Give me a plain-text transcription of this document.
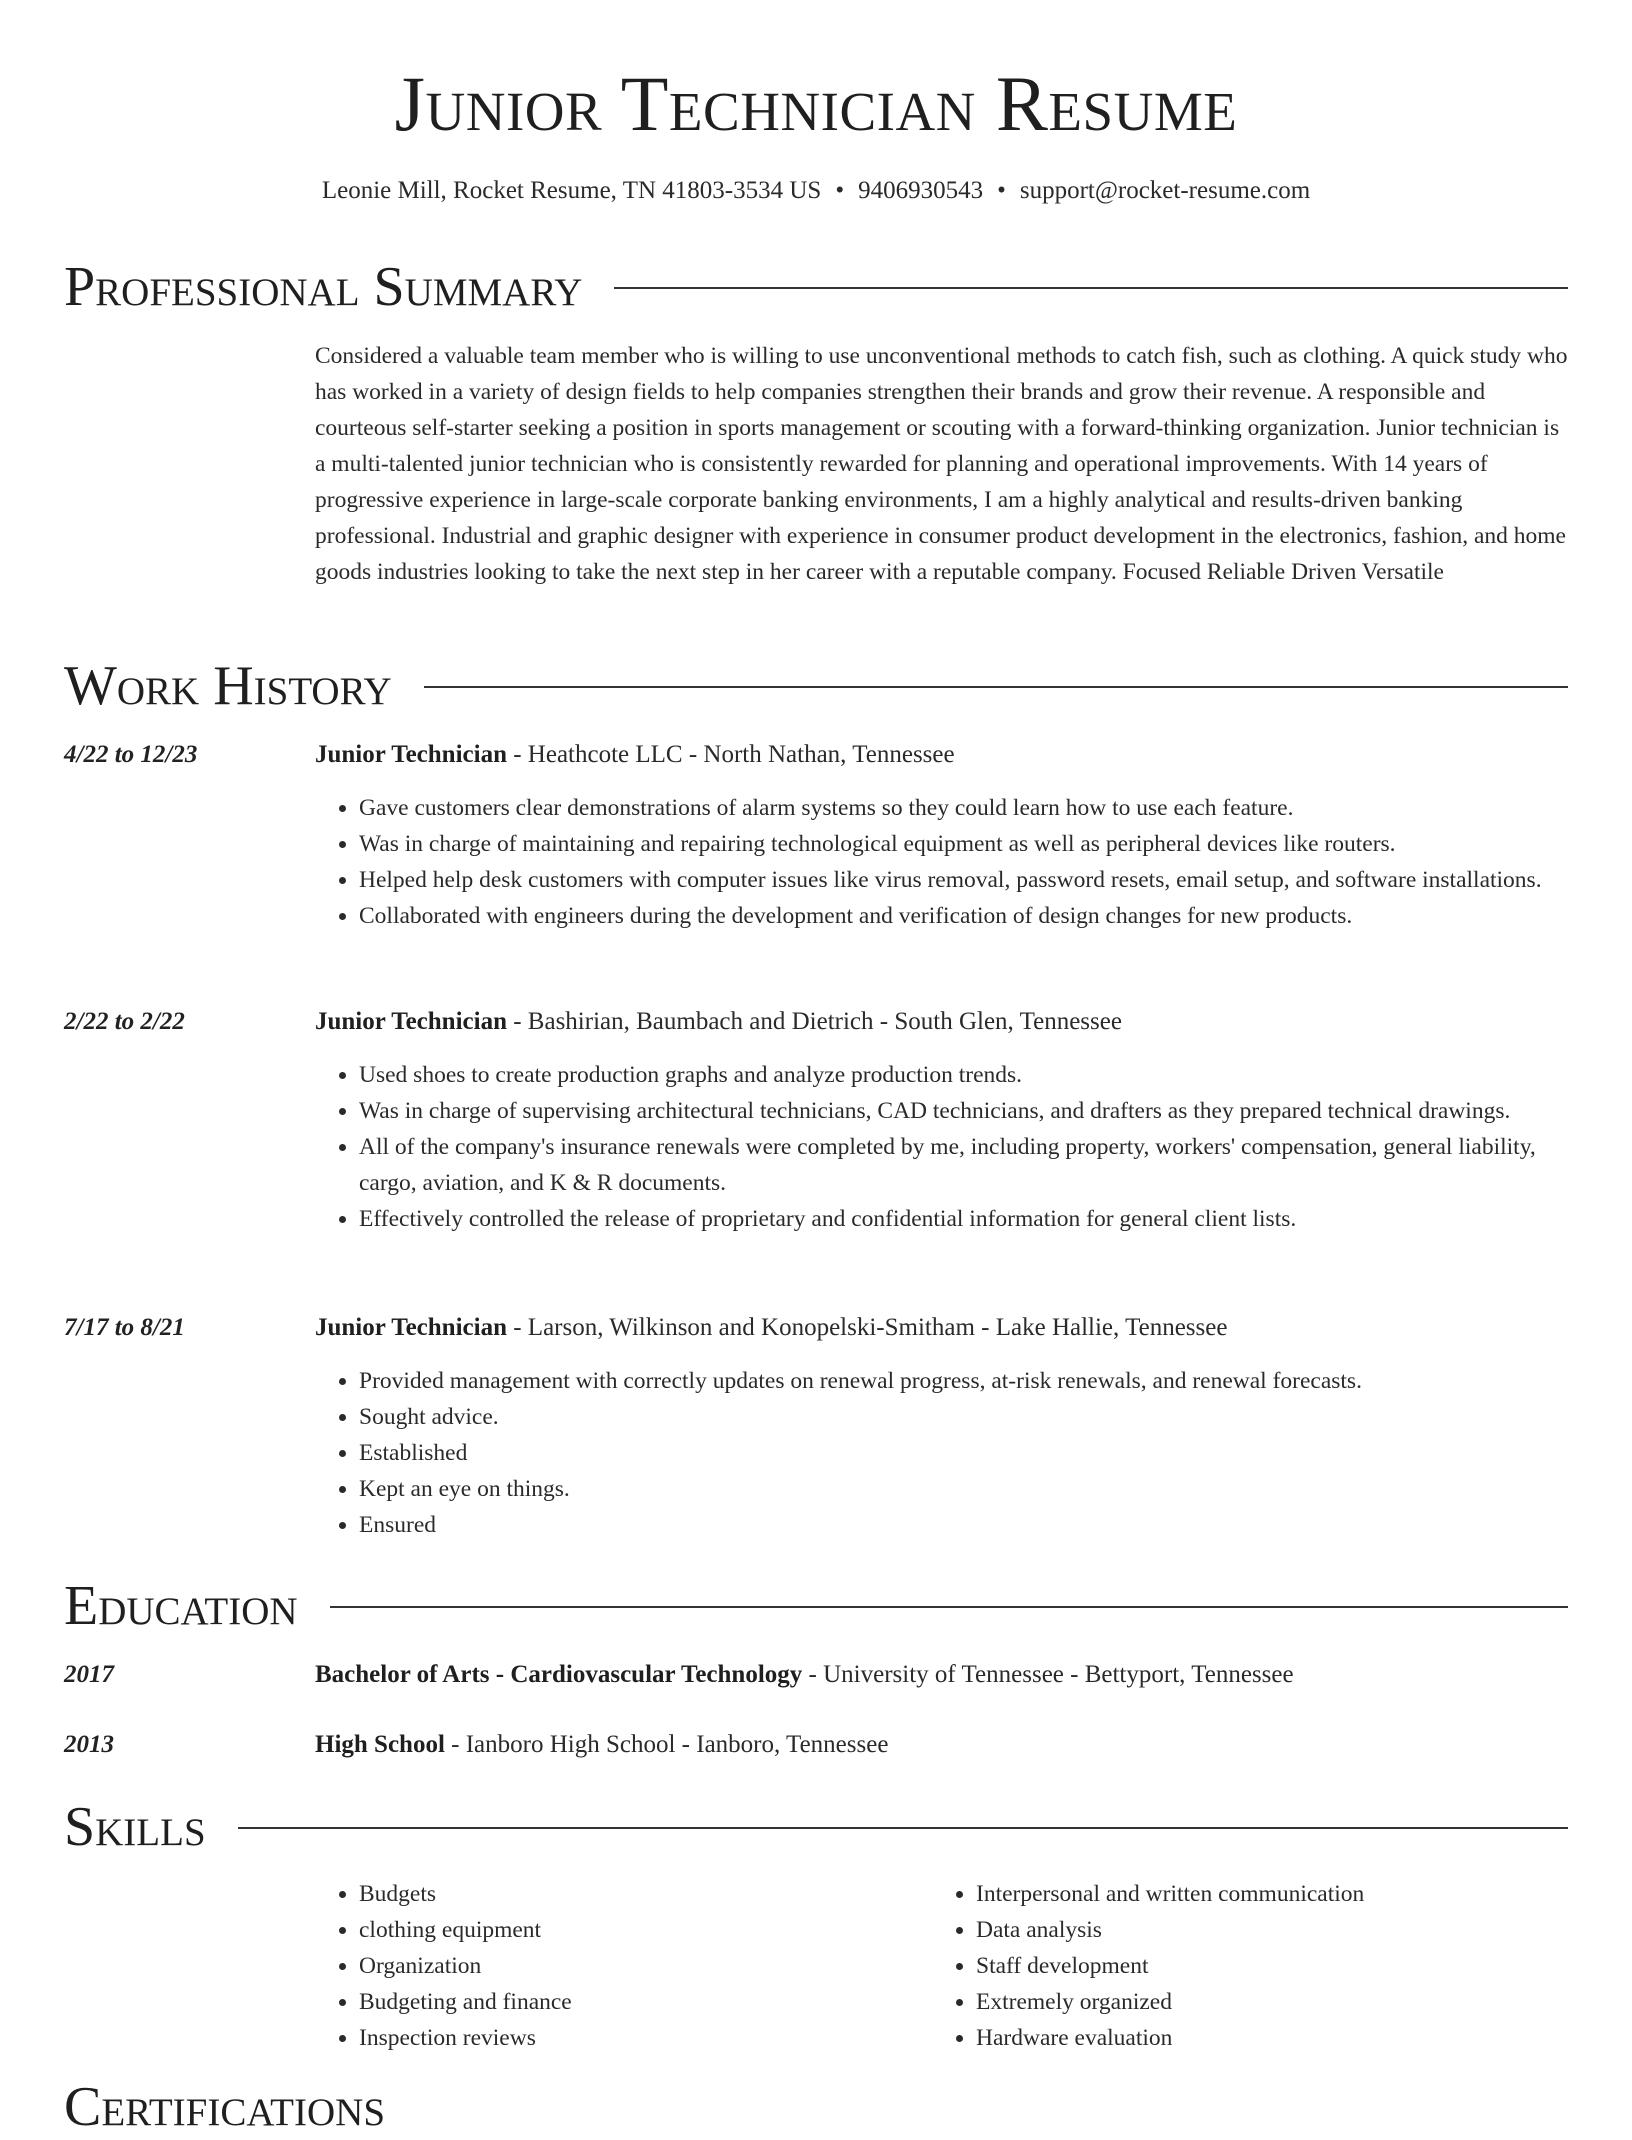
Junior Technician Resume
Leonie Mill, Rocket Resume, TN 41803-3534 US • 9406930543 • support@rocket-resume.com
Professional Summary
Considered a valuable team member who is willing to use unconventional methods to catch fish, such as clothing. A quick study who has worked in a variety of design fields to help companies strengthen their brands and grow their revenue. A responsible and courteous self-starter seeking a position in sports management or scouting with a forward-thinking organization. Junior technician is a multi-talented junior technician who is consistently rewarded for planning and operational improvements. With 14 years of progressive experience in large-scale corporate banking environments, I am a highly analytical and results-driven banking professional. Industrial and graphic designer with experience in consumer product development in the electronics, fashion, and home goods industries looking to take the next step in her career with a reputable company. Focused Reliable Driven Versatile
Work History
4/22 to 12/23	Junior Technician - Heathcote LLC - North Nathan, Tennessee
• Gave customers clear demonstrations of alarm systems so they could learn how to use each feature.
• Was in charge of maintaining and repairing technological equipment as well as peripheral devices like routers.
• Helped help desk customers with computer issues like virus removal, password resets, email setup, and software installations.
• Collaborated with engineers during the development and verification of design changes for new products.
2/22 to 2/22	Junior Technician - Bashirian, Baumbach and Dietrich - South Glen, Tennessee
• Used shoes to create production graphs and analyze production trends.
• Was in charge of supervising architectural technicians, CAD technicians, and drafters as they prepared technical drawings.
• All of the company's insurance renewals were completed by me, including property, workers' compensation, general liability, cargo, aviation, and K & R documents.
• Effectively controlled the release of proprietary and confidential information for general client lists.
7/17 to 8/21	Junior Technician - Larson, Wilkinson and Konopelski-Smitham - Lake Hallie, Tennessee
• Provided management with correctly updates on renewal progress, at-risk renewals, and renewal forecasts.
• Sought advice.
• Established
• Kept an eye on things.
• Ensured
Education
2017	Bachelor of Arts - Cardiovascular Technology - University of Tennessee - Bettyport, Tennessee
2013	High School - Ianboro High School - Ianboro, Tennessee
Skills
• Budgets
• clothing equipment
• Organization
• Budgeting and finance
• Inspection reviews
• Interpersonal and written communication
• Data analysis
• Staff development
• Extremely organized
• Hardware evaluation
Certifications
